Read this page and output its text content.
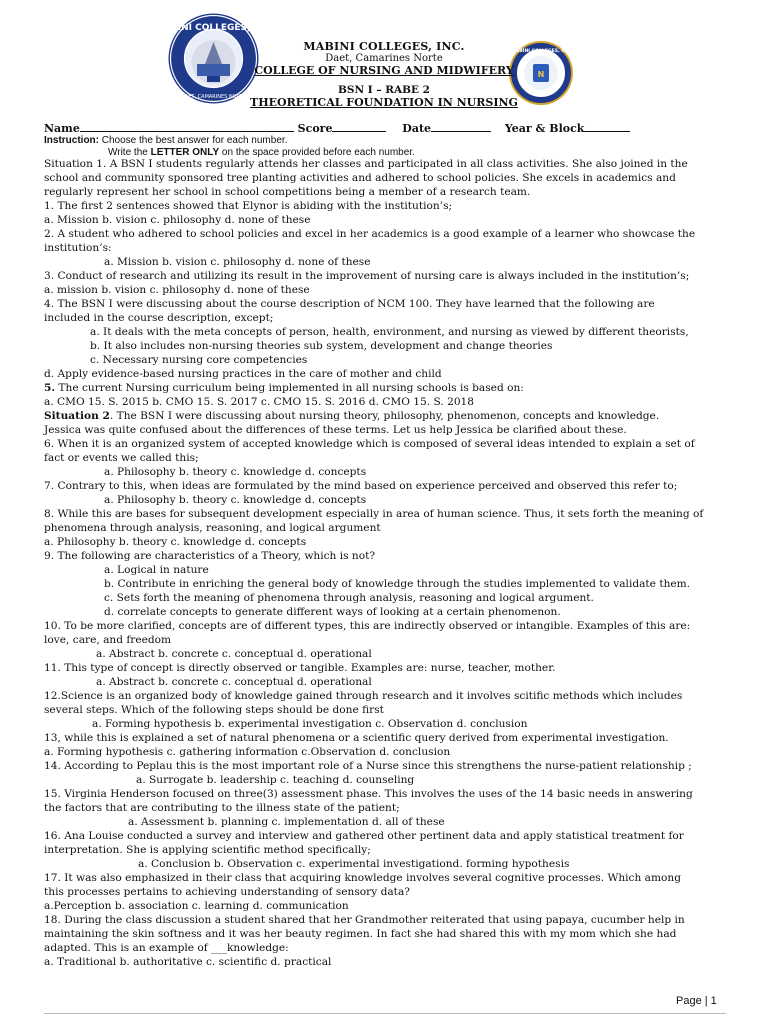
MABINI COLLEGES, Inc.
DAET, CAMARINES NORTE
N
MABINI COLLEGES, Inc.
MABINI COLLEGES, INC.
Daet, Camarines Norte
COLLEGE OF NURSING AND MIDWIFERY
BSN I – RABE 2
THEORETICAL FOUNDATION IN NURSING
Name	Score	Date	Year & Block
Instruction: Choose the best answer for each number.
Write the LETTER ONLY on the space provided before each number.
Situation 1. A BSN I students regularly attends her classes and participated in all class activities. She also joined in the
school and community sponsored tree planting activities and adhered to school policies. She excels in academics and
regularly represent her school in school competitions being a member of a research team.
1. The first 2 sentences showed that Elynor is abiding with the institution’s;
a. Mission b. vision c. philosophy d. none of these
2. A student who adhered to school policies and excel in her academics is a good example of a learner who showcase the
institution’s:
a. Mission b. vision c. philosophy d. none of these
3. Conduct of research and utilizing its result in the improvement of nursing care is always included in the institution’s;
a. mission b. vision c. philosophy d. none of these
4. The BSN I were discussing about the course description of NCM 100. They have learned that the following are
included in the course description, except;
a. It deals with the meta concepts of person, health, environment, and nursing as viewed by different theorists,
b. It also includes non-nursing theories sub system, development and change theories
c. Necessary nursing core competencies
d. Apply evidence-based nursing practices in the care of mother and child
5. The current Nursing curriculum being implemented in all nursing schools is based on:
a. CMO 15. S. 2015 b. CMO 15. S. 2017 c. CMO 15. S. 2016 d. CMO 15. S. 2018
Situation 2. The BSN I were discussing about nursing theory, philosophy, phenomenon, concepts and knowledge.
Jessica was quite confused about the differences of these terms. Let us help Jessica be clarified about these.
6. When it is an organized system of accepted knowledge which is composed of several ideas intended to explain a set of
fact or events we called this;
a. Philosophy b. theory c. knowledge d. concepts
7. Contrary to this, when ideas are formulated by the mind based on experience perceived and observed this refer to;
a. Philosophy b. theory c. knowledge d. concepts
8. While this are bases for subsequent development especially in area of human science. Thus, it sets forth the meaning of
phenomena through analysis, reasoning, and logical argument
a. Philosophy b. theory c. knowledge d. concepts
9. The following are characteristics of a Theory, which is not?
a. Logical in nature
b. Contribute in enriching the general body of knowledge through the studies implemented to validate them.
c. Sets forth the meaning of phenomena through analysis, reasoning and logical argument.
d. correlate concepts to generate different ways of looking at a certain phenomenon.
10. To be more clarified, concepts are of different types, this are indirectly observed or intangible. Examples of this are:
love, care, and freedom
a. Abstract b. concrete c. conceptual d. operational
11. This type of concept is directly observed or tangible. Examples are: nurse, teacher, mother.
a. Abstract b. concrete c. conceptual d. operational
12.Science is an organized body of knowledge gained through research and it involves scitific methods which includes
several steps. Which of the following steps should be done first
a. Forming hypothesis b. experimental investigation c. Observation d. conclusion
13, while this is explained a set of natural phenomena or a scientific query derived from experimental investigation.
a. Forming hypothesis c. gathering information c.Observation d. conclusion
14. According to Peplau this is the most important role of a Nurse since this strengthens the nurse-patient relationship ;
a. Surrogate b. leadership c. teaching d. counseling
15. Virginia Henderson focused on three(3) assessment phase. This involves the uses of the 14 basic needs in answering
the factors that are contributing to the illness state of the patient;
a. Assessment b. planning c. implementation d. all of these
16. Ana Louise conducted a survey and interview and gathered other pertinent data and apply statistical treatment for
interpretation. She is applying scientific method specifically;
a. Conclusion b. Observation c. experimental investigationd. forming hypothesis
17. It was also emphasized in their class that acquiring knowledge involves several cognitive processes. Which among
this processes pertains to achieving understanding of sensory data?
a.Perception b. association c. learning d. communication
18. During the class discussion a student shared that her Grandmother reiterated that using papaya, cucumber help in
maintaining the skin softness and it was her beauty regimen. In fact she had shared this with my mom which she had
adapted. This is an example of ___knowledge:
a. Traditional b. authoritative c. scientific d. practical
Page | 1
